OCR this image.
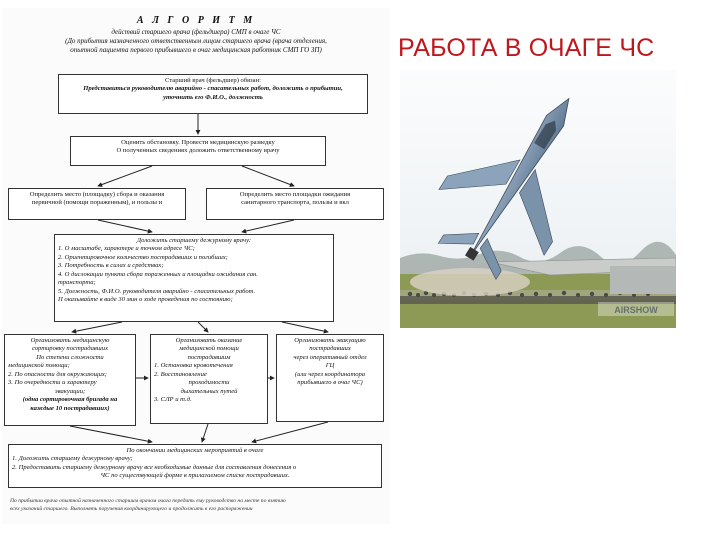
РАБОТА В ОЧАГЕ ЧС
А Л Г О Р И Т М
действий старшего врача (фельдшера) СМП в очаге ЧС
(До прибытия назначенного ответственным лицом старшего врача (врача отделения,
опытной пациента первого прибывшего в очаг медицинская работник СМП ГО ЗП)
Старший врач (фельдшер) обязан:
Представиться руководителю аварийно - спасательных работ, доложить о прибытии,
уточнить его Ф.И.О., должность
Оценить обстановку. Провести медицинскую разведку
О полученных сведениях доложить ответственному врачу
Определить место (площадку) сбора и оказания
первичной (помощи пораженным), и пользы и
Определить место площадки ожидания
санитарного транспорта, пользы и вкл
Доложить старшему дежурному врачу:
1. О масштабе, характере и точном адресе ЧС;
2. Ориентировочное количество пострадавших и погибших;
3. Потребность в силах и средствах;
4. О дислокации пункта сбора пораженных и площадки ожидания сан.
транспорта;
5. Должность, Ф.И.О. руководителя аварийно - спасательных работ.
П оказывайте в виде 30 мин о ходе проведения по состоянию;
Организовать медицинскую
сортировку пострадавших
По степени сложности
медицинской помощи;
2. По опасности для окружающих;
3. По очередности и характеру
эвакуации;
(одна сортировочная бригада на
каждые 10 пострадавших)
Организовать оказание
медицинской помощи
пострадавшим
1. Остановка кровотечения
2. Восстановление
проходимости
дыхательных путей
3. СЛР и т.д.
Организовать эвакуацию
пострадавших
через оперативный отдел
ГЦ
(или через координатора
прибывшего в очаг ЧС)
По окончании медицинских мероприятий в очаге
1. Доложить старшему дежурному врачу;
2. Предоставить старшему дежурному врачу все необходимые данные для составления донесения о
ЧС по существующей форме в прилагаемом списке пострадавших.
По прибытии врача опытной назначенного старшим врачом очага передать ему руководство на месте по взятию
всех указаний старшего. Выполнять поручения координирующего и продолжить в его распоряжении
AIRSHOW
